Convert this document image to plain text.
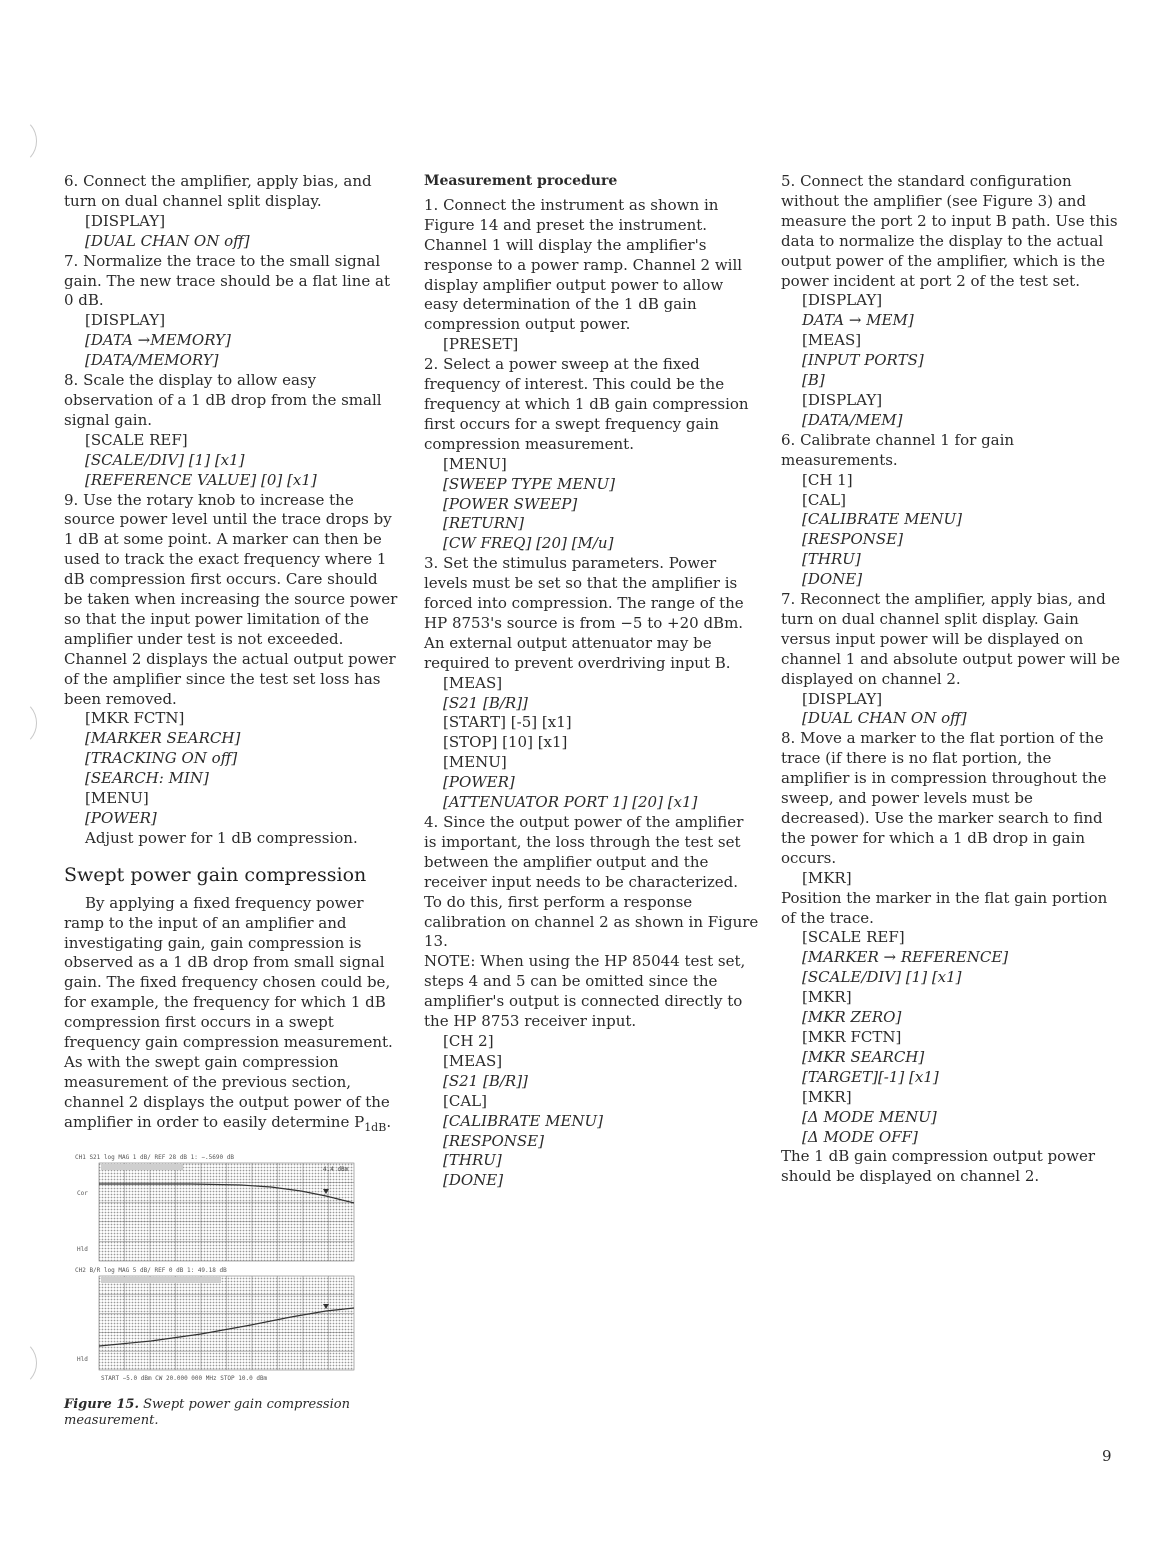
6. Connect the amplifier, apply bias, and turn on dual channel split display.
[DISPLAY]
[DUAL CHAN ON off]
7. Normalize the trace to the small signal gain. The new trace should be a flat line at 0 dB.
[DISPLAY]
[DATA →MEMORY]
[DATA/MEMORY]
8. Scale the display to allow easy observation of a 1 dB drop from the small signal gain.
[SCALE REF]
[SCALE/DIV] [1] [x1]
[REFERENCE VALUE] [0] [x1]
9. Use the rotary knob to increase the source power level until the trace drops by 1 dB at some point. A marker can then be used to track the exact frequency where 1 dB compression first occurs. Care should be taken when increasing the source power so that the input power limitation of the amplifier under test is not exceeded. Channel 2 displays the actual output power of the amplifier since the test set loss has been removed.
[MKR FCTN]
[MARKER SEARCH]
[TRACKING ON off]
[SEARCH: MIN]
[MENU]
[POWER]
Adjust power for 1 dB compression.
Swept power gain compression

By applying a fixed frequency power ramp to the input of an amplifier and investigating gain, gain compression is observed as a 1 dB drop from small signal gain. The fixed frequency chosen could be, for example, the frequency for which 1 dB compression first occurs in a swept frequency gain compression measurement. As with the swept gain compression measurement of the previous section, channel 2 displays the output power of the amplifier in order to easily determine $P_{1dB}$.

Measurement procedure
1. Connect the instrument as shown in Figure 14 and preset the instrument. Channel 1 will display the amplifier's response to a power ramp. Channel 2 will display amplifier output power to allow easy determination of the 1 dB gain compression output power.
[PRESET]
2. Select a power sweep at the fixed frequency of interest. This could be the frequency at which 1 dB gain compression first occurs for a swept frequency gain compression measurement.
[MENU]
[SWEEP TYPE MENU]
[POWER SWEEP]
[RETURN]
[CW FREQ] [20] [M/u]
3. Set the stimulus parameters. Power levels must be set so that the amplifier is forced into compression. The range of the HP 8753's source is from −5 to +20 dBm. An external output attenuator may be required to prevent overdriving input B.
[MEAS]
[S21 [B/R]]
[START] [-5] [x1]
[STOP] [10] [x1]
[MENU]
[POWER]
[ATTENUATOR PORT 1] [20] [x1]
4. Since the output power of the amplifier is important, the loss through the test set between the amplifier output and the receiver input needs to be characterized. To do this, first perform a response calibration on channel 2 as shown in Figure 13.
NOTE: When using the HP 85044 test set, steps 4 and 5 can be omitted since the amplifier's output is connected directly to the HP 8753 receiver input.
[CH 2]
[MEAS]
[S21 [B/R]]
[CAL]
[CALIBRATE MENU]
[RESPONSE]
[THRU]
[DONE]
5. Connect the standard configuration without the amplifier (see Figure 3) and measure the port 2 to input B path. Use this data to normalize the display to the actual output power of the amplifier, which is the power incident at port 2 of the test set.
[DISPLAY]
DATA → MEM]
[MEAS]
[INPUT PORTS]
[B]
[DISPLAY]
[DATA/MEM]
6. Calibrate channel 1 for gain measurements.
[CH 1]
[CAL]
[CALIBRATE MENU]
[RESPONSE]
[THRU]
[DONE]
7. Reconnect the amplifier, apply bias, and turn on dual channel split display. Gain versus input power will be displayed on channel 1 and absolute output power will be displayed on channel 2.
[DISPLAY]
[DUAL CHAN ON off]
8. Move a marker to the flat portion of the trace (if there is no flat portion, the amplifier is in compression throughout the sweep, and power levels must be decreased). Use the marker search to find the power for which a 1 dB drop in gain occurs.
[MKR]
Position the marker in the flat gain portion of the trace.
[SCALE REF]
[MARKER → REFERENCE]
[SCALE/DIV] [1] [x1]
[MKR]
[MKR ZERO]
[MKR FCTN]
[MKR SEARCH]
[TARGET][-1] [x1]
[MKR]
[Δ MODE MENU]
[Δ MODE OFF]
The 1 dB gain compression output power should be displayed on channel 2.
CH1 S21 log MAG 1 dB/ REF 28 dB 1: −.5690 dB
4.4 dBm
Cor
Hld
CH2 B/R log MAG 5 dB/ REF 0 dB 1: 49.18 dB
Hld
START −5.0 dBm CW 20.000 000 MHz STOP 10.0 dBm
Figure 15. Swept power gain compression measurement.
9
